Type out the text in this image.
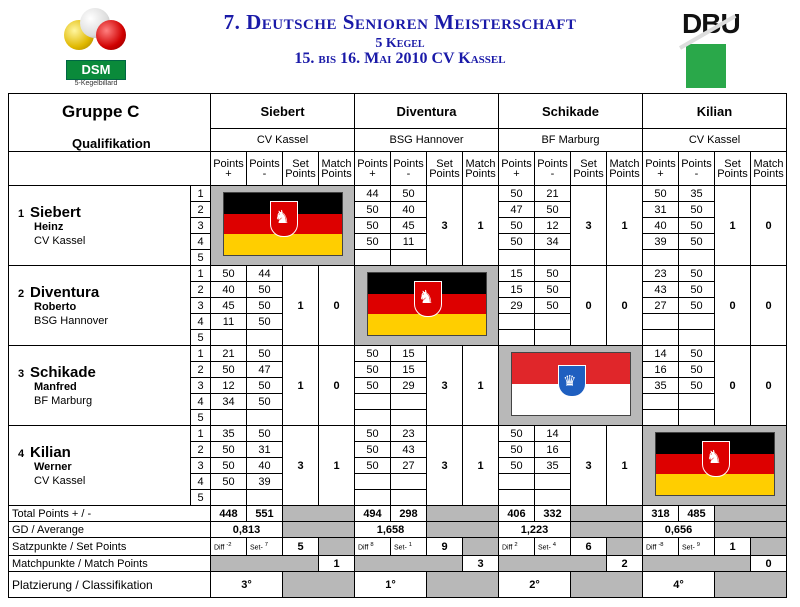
DSM
5-Kegelbillard
7. Deutsche Senioren Meisterschaft
5 Kegel
15. bis 16. Mai 2010 CV Kassel
DBU
Gruppe C
Qualifikation		Siebert				Diventura				Schikade				Kilian			
		CV Kassel				BSG Hannover				BF Marburg				CV Kassel			
		Points +	Points -	Set Points	Match Points	Points +	Points -	Set Points	Match Points	Points +	Points -	Set Points	Match Points	Points +	Points -	Set Points	Match Points

1 Siebert
Heinz
CV Kassel	1	♞				44	50	3	1	50	21	3	1	50	35	1	0
	2					50	40			47	50			31	50		
	3					50	45			50	12			40	50		
	4					50	11			50	34			39	50		
	5																

2 Diventura
Roberto
BSG Hannover	1	50	44	1	0	♞				15	50	0	0	23	50	0	0
	2	40	50							15	50			43	50		
	3	45	50							29	50			27	50		
	4	11	50														
	5																

3 Schikade
Manfred
BF Marburg	1	21	50	1	0	50	15	3	1	♛				14	50	0	0
	2	50	47			50	15							16	50		
	3	12	50			50	29							35	50		
	4	34	50														
	5																

4 Kilian
Werner
CV Kassel	1	35	50	3	1	50	23	3	1	50	14	3	1	♞			

	2	50	31			50	43			50	16						
	3	50	40			50	27			50	35						
	4	50	39														
	5																
Total Points + / -		448	551			494	298			406	332			318	485		
GD / Averange		0,813				1,658				1,223				0,656			
Satzpunkte / Set Points		Diff $^{-2}$	Set- $^7$	5		Diff $^8$	Set- $^1$	9		Diff $^2$	Set- $^4$	6		Diff $^{-8}$	Set- $^9$	1	
Matchpunkte / Match Points					1				3				2				0
Platzierung / Classifikation		3°				1°				2°				4°			
